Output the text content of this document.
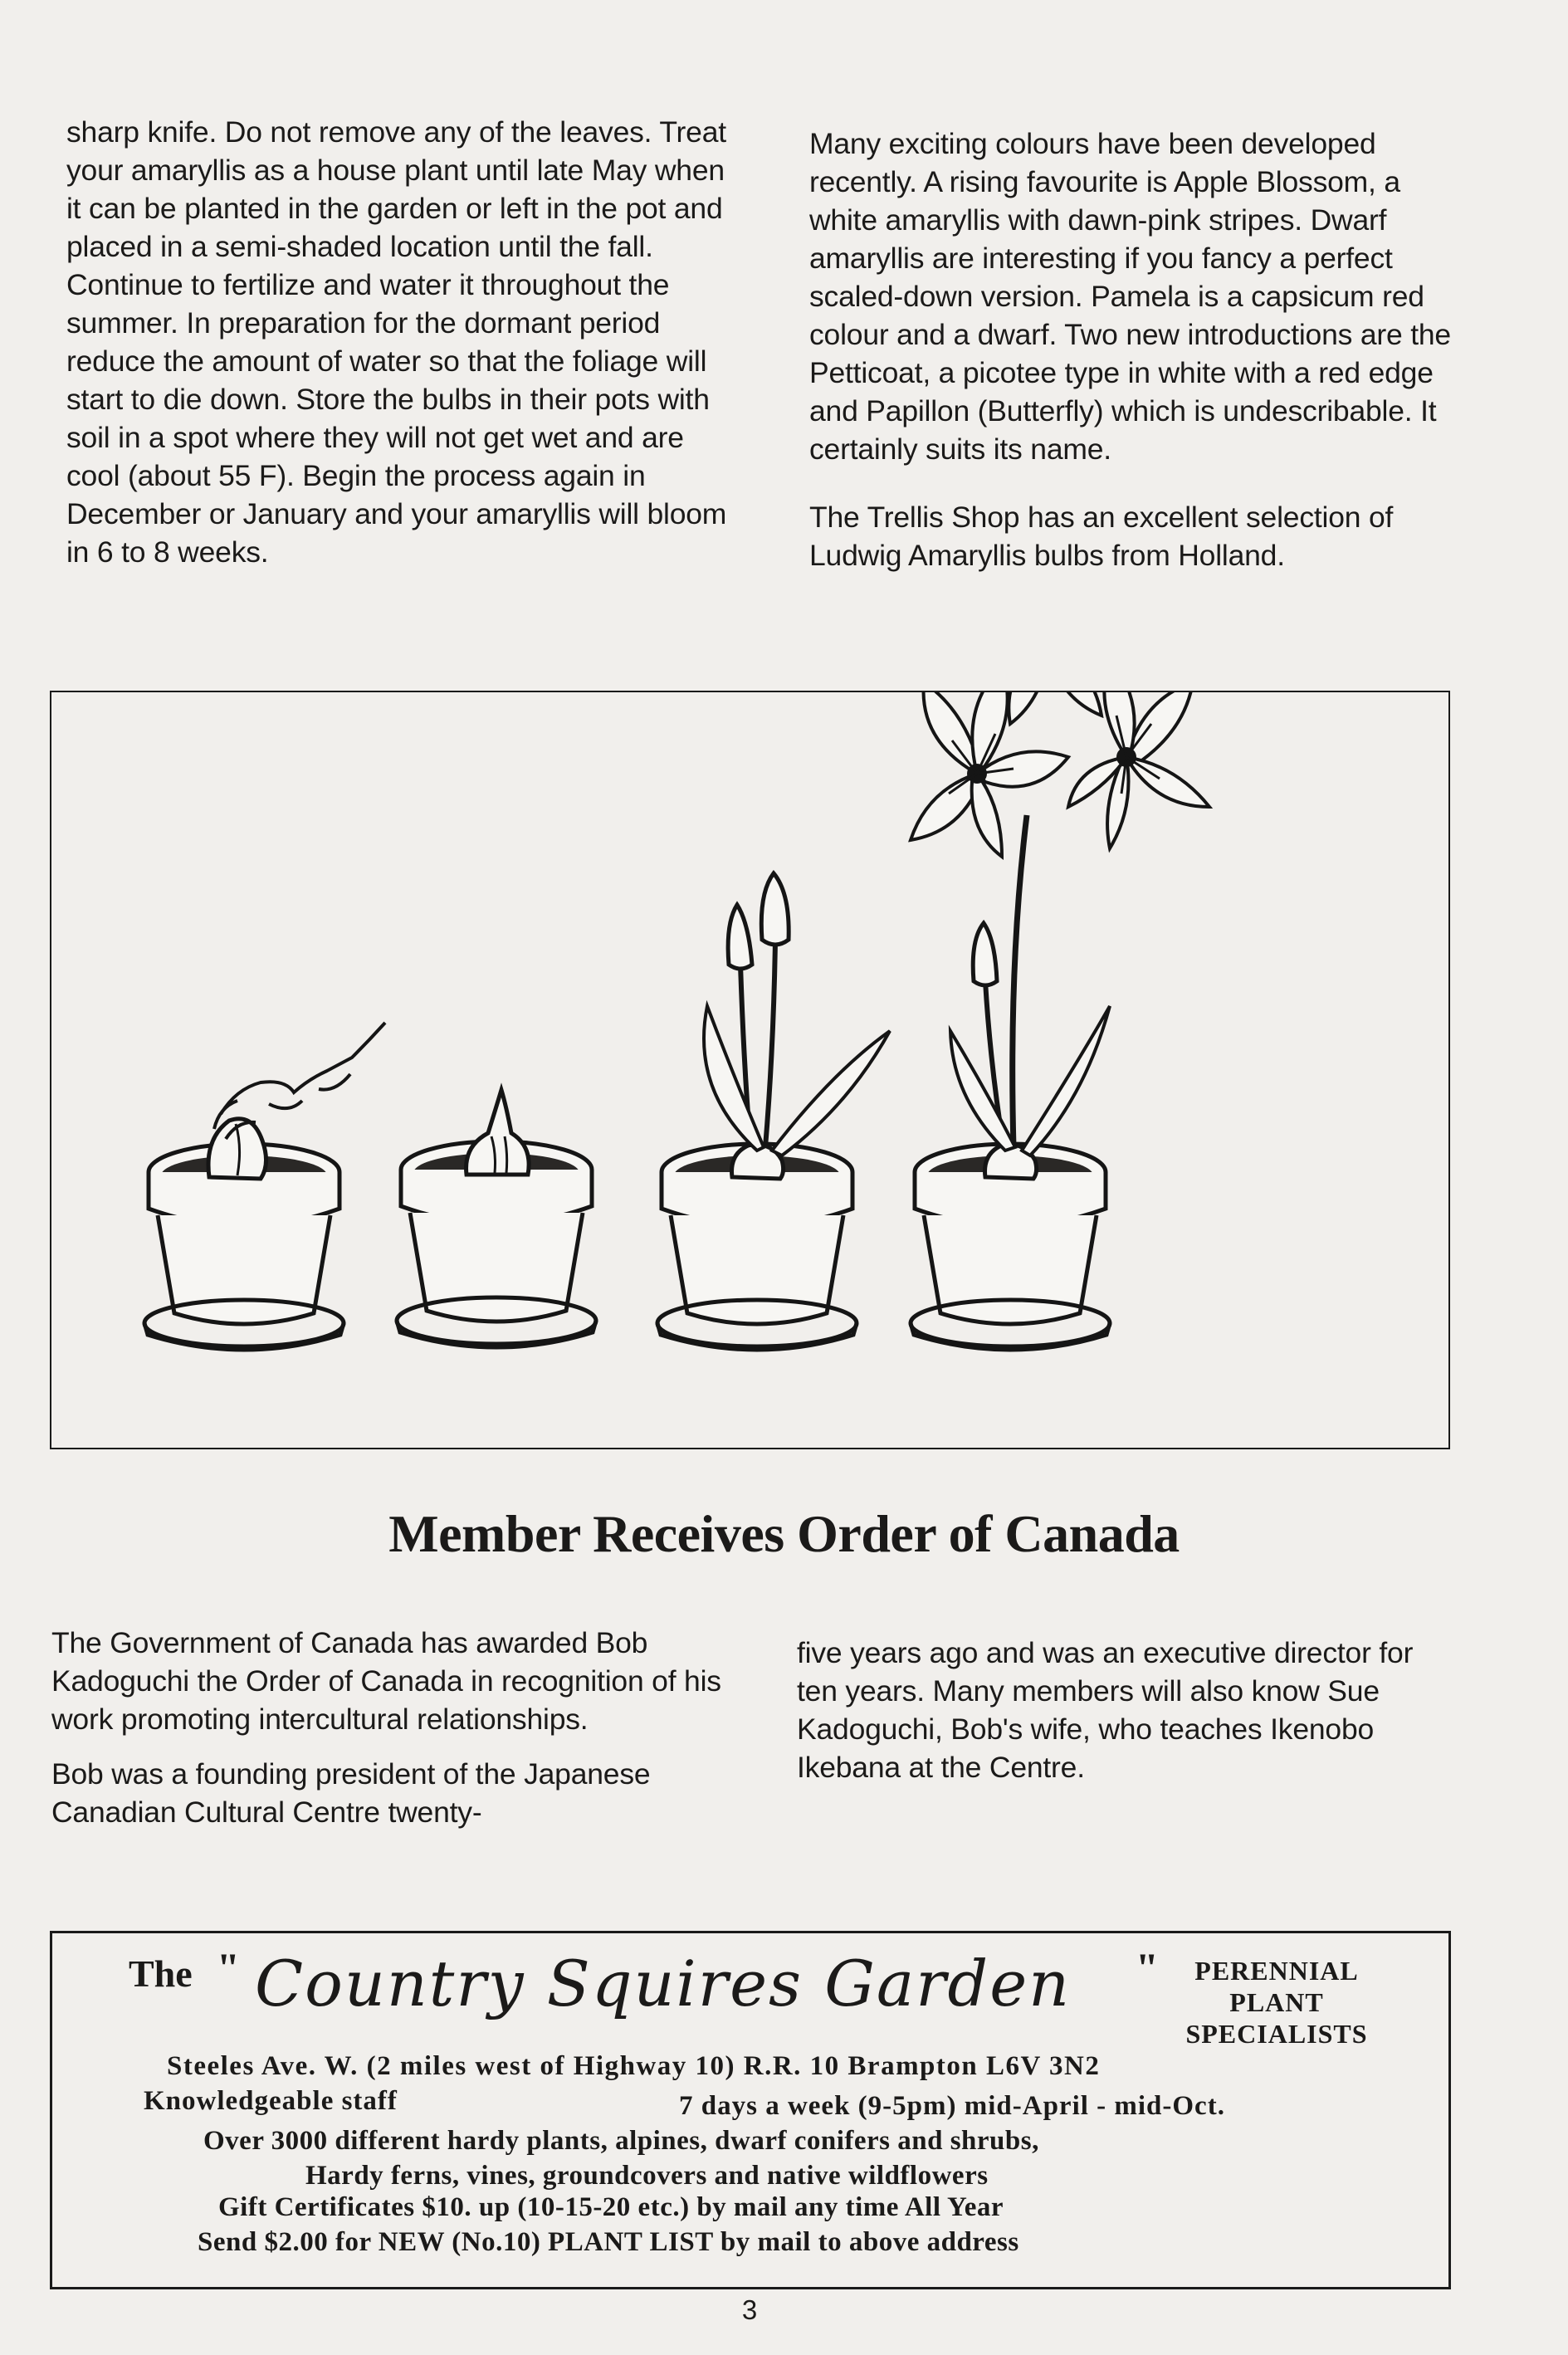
sharp knife. Do not remove any of the leaves. Treat your amaryllis as a house plant until late May when it can be planted in the garden or left in the pot and placed in a semi-shaded location until the fall. Continue to fertilize and water it throughout the summer. In preparation for the dormant period reduce the amount of water so that the foliage will start to die down. Store the bulbs in their pots with soil in a spot where they will not get wet and are cool (about 55 F). Begin the process again in December or January and your amaryllis will bloom in 6 to 8 weeks.

Many exciting colours have been developed recently. A rising favourite is Apple Blossom, a white amaryllis with dawn-pink stripes. Dwarf amaryllis are interesting if you fancy a perfect scaled-down version. Pamela is a capsicum red colour and a dwarf. Two new introductions are the Petticoat, a picotee type in white with a red edge and Papillon (Butterfly) which is undescribable. It certainly suits its name.

The Trellis Shop has an excellent selection of Ludwig Amaryllis bulbs from Holland.

Member Receives Order of Canada

The Government of Canada has awarded Bob Kadoguchi the Order of Canada in recognition of his work promoting intercultural relationships.

Bob was a founding president of the Japanese Canadian Cultural Centre twenty-

five years ago and was an executive director for ten years. Many members will also know Sue Kadoguchi, Bob's wife, who teaches Ikenobo Ikebana at the Centre.

The " Country Squires Garden "	PERENNIAL
PLANT
SPECIALISTS
Steeles Ave. W. (2 miles west of Highway 10) R.R. 10 Brampton L6V 3N2
Knowledgeable staff	7 days a week (9-5pm) mid-April - mid-Oct.
Over 3000 different hardy plants, alpines, dwarf conifers and shrubs,
Hardy ferns, vines, groundcovers and native wildflowers
Gift Certificates $10. up (10-15-20 etc.) by mail any time All Year
Send $2.00 for NEW (No.10) PLANT LIST by mail to above address
3
